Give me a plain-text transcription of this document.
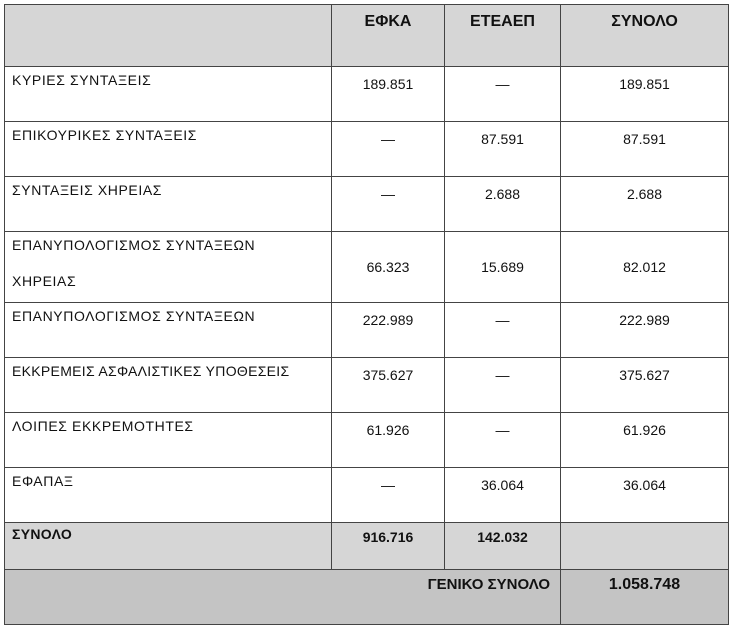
	ΕΦΚΑ	ΕΤΕΑΕΠ	ΣΥΝΟΛΟ
ΚΥΡΙΕΣ ΣΥΝΤΑΞΕΙΣ	189.851	—	189.851
ΕΠΙΚΟΥΡΙΚΕΣ ΣΥΝΤΑΞΕΙΣ	—	87.591	87.591
ΣΥΝΤΑΞΕΙΣ ΧΗΡΕΙΑΣ	—	2.688	2.688

ΕΠΑΝΥΠΟΛΟΓΙΣΜΟΣ ΣΥΝΤΑΞΕΩΝ
ΧΗΡΕΙΑΣ	66.323	15.689	82.012
ΕΠΑΝΥΠΟΛΟΓΙΣΜΟΣ ΣΥΝΤΑΞΕΩΝ	222.989	—	222.989
ΕΚΚΡΕΜΕΙΣ ΑΣΦΑΛΙΣΤΙΚΕΣ ΥΠΟΘΕΣΕΙΣ	375.627	—	375.627
ΛΟΙΠΕΣ ΕΚΚΡΕΜΟΤΗΤΕΣ	61.926	—	61.926
ΕΦΑΠΑΞ	—	36.064	36.064
ΣΥΝΟΛΟ	916.716	142.032	
ΓΕΝΙΚΟ ΣΥΝΟΛΟ			1.058.748
